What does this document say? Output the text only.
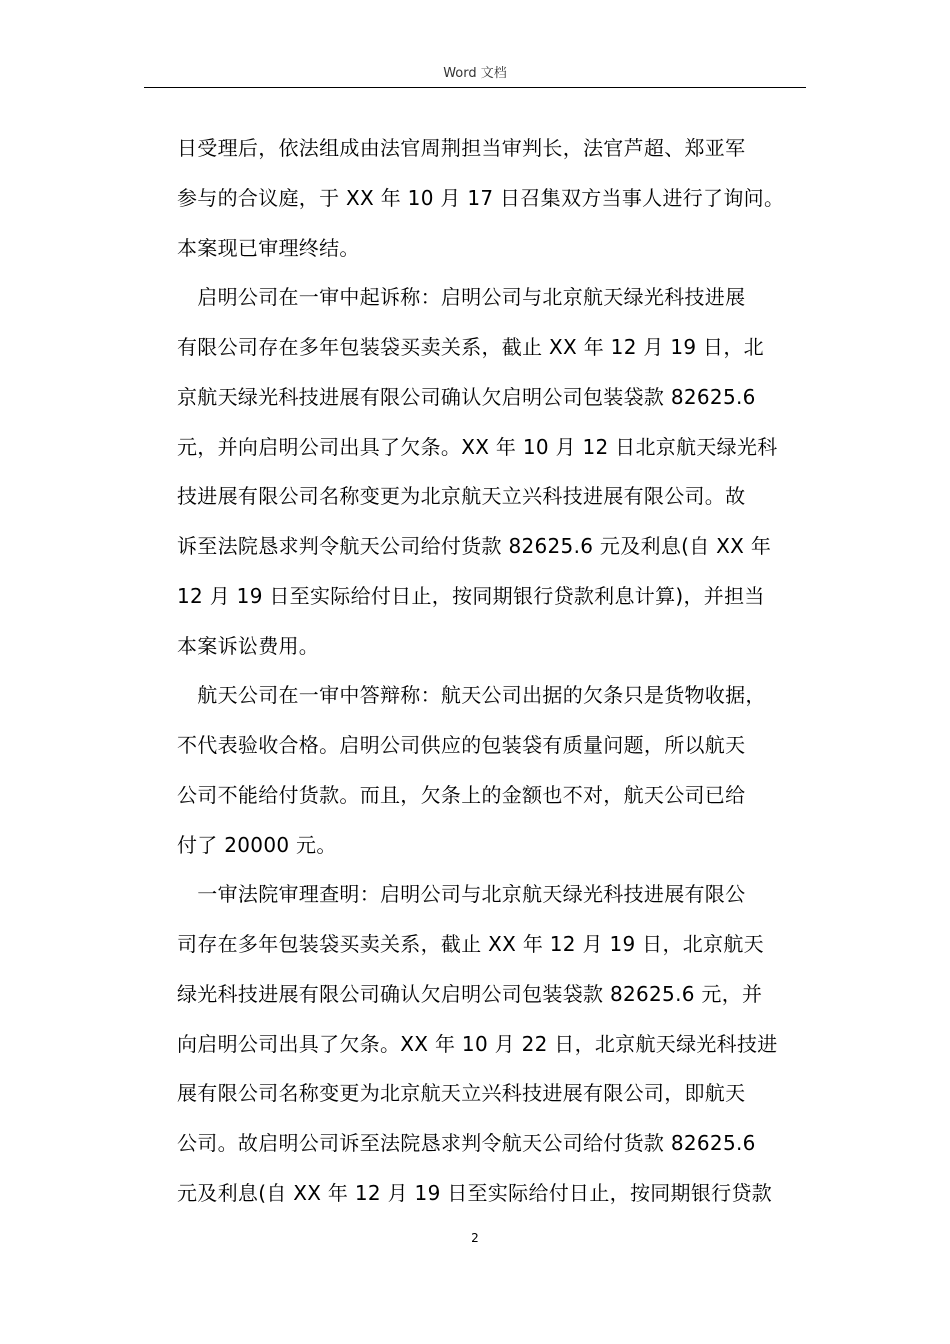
Word 文档
日受理后，依法组成由法官周荆担当审判长，法官芦超、郑亚军
参与的合议庭，于 XX 年 10 月 17 日召集双方当事人进行了询问。
本案现已审理终结。
　启明公司在一审中起诉称：启明公司与北京航天绿光科技进展
有限公司存在多年包装袋买卖关系，截止 XX 年 12 月 19 日，北
京航天绿光科技进展有限公司确认欠启明公司包装袋款 82625.6
元，并向启明公司出具了欠条。XX 年 10 月 12 日北京航天绿光科
技进展有限公司名称变更为北京航天立兴科技进展有限公司。故
诉至法院恳求判令航天公司给付货款 82625.6 元及利息(自 XX 年
12 月 19 日至实际给付日止，按同期银行贷款利息计算)，并担当
本案诉讼费用。
　航天公司在一审中答辩称：航天公司出据的欠条只是货物收据，
不代表验收合格。启明公司供应的包装袋有质量问题，所以航天
公司不能给付货款。而且，欠条上的金额也不对，航天公司已给
付了 20000 元。
　一审法院审理查明：启明公司与北京航天绿光科技进展有限公
司存在多年包装袋买卖关系，截止 XX 年 12 月 19 日，北京航天
绿光科技进展有限公司确认欠启明公司包装袋款 82625.6 元，并
向启明公司出具了欠条。XX 年 10 月 22 日，北京航天绿光科技进
展有限公司名称变更为北京航天立兴科技进展有限公司，即航天
公司。故启明公司诉至法院恳求判令航天公司给付货款 82625.6
元及利息(自 XX 年 12 月 19 日至实际给付日止，按同期银行贷款
2
